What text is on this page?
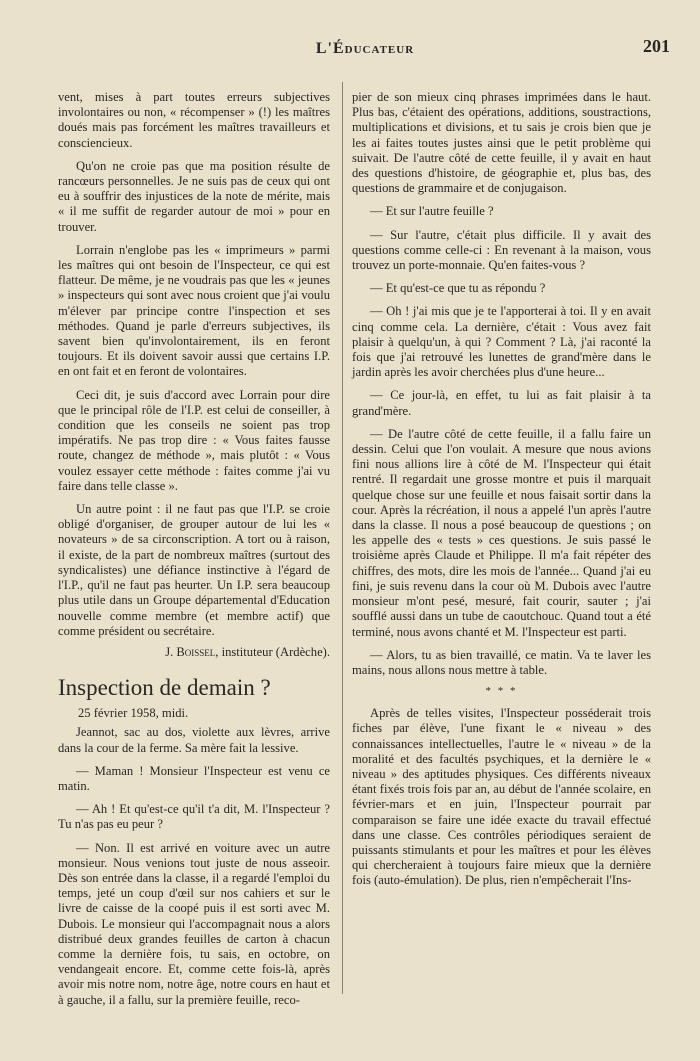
L'Éducateur	201

vent, mises à part toutes erreurs subjectives involontaires ou non, « récompenser » (!) les maîtres doués mais pas forcément les maîtres travailleurs et consciencieux.

Qu'on ne croie pas que ma position résulte de rancœurs personnelles. Je ne suis pas de ceux qui ont eu à souffrir des injustices de la note de mérite, mais « il me suffit de regarder autour de moi » pour en trouver.

Lorrain n'englobe pas les « imprimeurs » parmi les maîtres qui ont besoin de l'Inspecteur, ce qui est flatteur. De même, je ne voudrais pas que les « jeunes » inspecteurs qui sont avec nous croient que j'ai voulu m'élever par principe contre l'inspection et ses méthodes. Quand je parle d'erreurs subjectives, ils savent bien qu'involontairement, ils en feront toujours. Et ils doivent savoir aussi que certains I.P. en ont fait et en feront de volontaires.

Ceci dit, je suis d'accord avec Lorrain pour dire que le principal rôle de l'I.P. est celui de conseiller, à condition que les conseils ne soient pas trop impératifs. Ne pas trop dire : « Vous faites fausse route, changez de méthode », mais plutôt : « Vous voulez essayer cette méthode : faites comme j'ai vu faire dans telle classe ».

Un autre point : il ne faut pas que l'I.P. se croie obligé d'organiser, de grouper autour de lui les « novateurs » de sa circonscription. A tort ou à raison, il existe, de la part de nombreux maîtres (surtout des syndicalistes) une défiance instinctive à l'égard de l'I.P., qu'il ne faut pas heurter. Un I.P. sera beaucoup plus utile dans un Groupe départemental d'Education nouvelle comme membre (et membre actif) que comme président ou secrétaire.

J. Boissel, instituteur (Ardèche).

Inspection de demain ?

25 février 1958, midi.

Jeannot, sac au dos, violette aux lèvres, arrive dans la cour de la ferme. Sa mère fait la lessive.

— Maman ! Monsieur l'Inspecteur est venu ce matin.

— Ah ! Et qu'est-ce qu'il t'a dit, M. l'Inspecteur ? Tu n'as pas eu peur ?

— Non. Il est arrivé en voiture avec un autre monsieur. Nous venions tout juste de nous asseoir. Dès son entrée dans la classe, il a regardé l'emploi du temps, jeté un coup d'œil sur nos cahiers et sur le livre de caisse de la coopé puis il est sorti avec M. Dubois. Le monsieur qui l'accompagnait nous a alors distribué deux grandes feuilles de carton à chacun comme la dernière fois, tu sais, en octobre, on vendangeait encore. Et, comme cette fois-là, après avoir mis notre nom, notre âge, notre cours en haut et à gauche, il a fallu, sur la première feuille, reco-

pier de son mieux cinq phrases imprimées dans le haut. Plus bas, c'étaient des opérations, additions, soustractions, multiplications et divisions, et tu sais je crois bien que je les ai faites toutes justes ainsi que le petit problème qui suivait. De l'autre côté de cette feuille, il y avait en haut des questions d'histoire, de géographie et, plus bas, des questions de grammaire et de conjugaison.

— Et sur l'autre feuille ?

— Sur l'autre, c'était plus difficile. Il y avait des questions comme celle-ci : En revenant à la maison, vous trouvez un porte-monnaie. Qu'en faites-vous ?

— Et qu'est-ce que tu as répondu ?

— Oh ! j'ai mis que je te l'apporterai à toi. Il y en avait cinq comme cela. La dernière, c'était : Vous avez fait plaisir à quelqu'un, à qui ? Comment ? Là, j'ai raconté la fois que j'ai retrouvé les lunettes de grand'mère dans le jardin après les avoir cherchées plus d'une heure...

— Ce jour-là, en effet, tu lui as fait plaisir à ta grand'mère.

— De l'autre côté de cette feuille, il a fallu faire un dessin. Celui que l'on voulait. A mesure que nous avions fini nous allions lire à côté de M. l'Inspecteur qui était rentré. Il regardait une grosse montre et puis il marquait quelque chose sur une feuille et nous faisait sortir dans la cour. Après la récréation, il nous a appelé l'un après l'autre dans la classe. Il nous a posé beaucoup de questions ; on les appelle des « tests » ces questions. Je suis passé le troisième après Claude et Philippe. Il m'a fait répéter des chiffres, des mots, dire les mois de l'année... Quand j'ai eu fini, je suis revenu dans la cour où M. Dubois avec l'autre monsieur m'ont pesé, mesuré, fait courir, sauter ; j'ai soufflé aussi dans un tube de caoutchouc. Quand tout a été terminé, nous avons chanté et M. l'Inspecteur est parti.

— Alors, tu as bien travaillé, ce matin. Va te laver les mains, nous allons nous mettre à table.

* * *

Après de telles visites, l'Inspecteur posséderait trois fiches par élève, l'une fixant le « niveau » des connaissances intellectuelles, l'autre le « niveau » de la moralité et des facultés psychiques, et la dernière le « niveau » des aptitudes physiques. Ces différents niveaux étant fixés trois fois par an, au début de l'année scolaire, en février-mars et en juin, l'Inspecteur pourrait par comparaison se faire une idée exacte du travail effectué dans une classe. Ces contrôles périodiques seraient de puissants stimulants et pour les maîtres et pour les élèves qui chercheraient à toujours faire mieux que la dernière fois (auto-émulation). De plus, rien n'empêcherait l'Ins-
